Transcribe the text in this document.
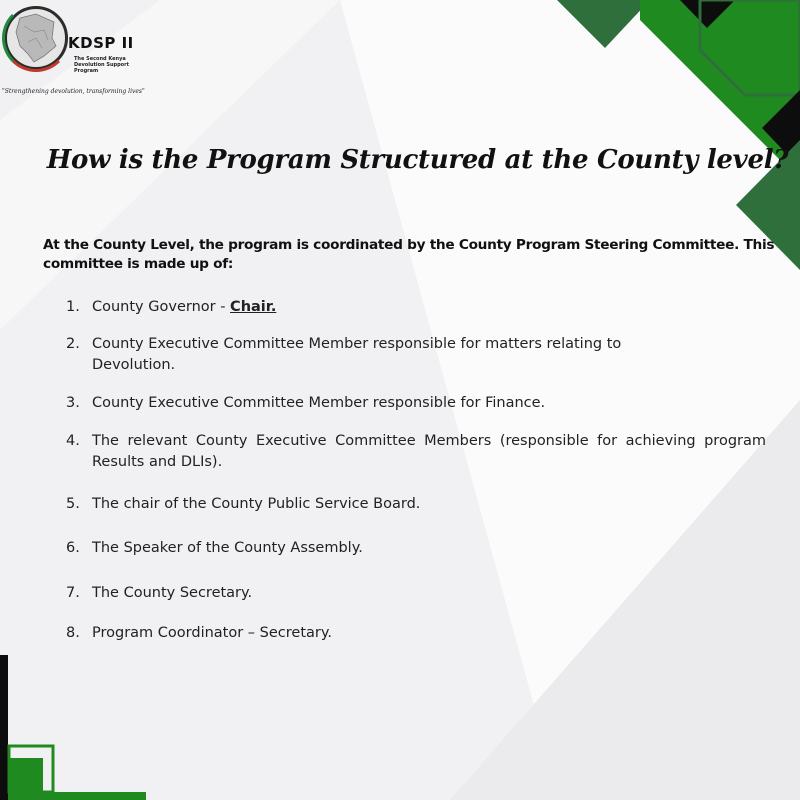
KDSP II
The Second Kenya Devolution Support Program
"Strengthening devolution, transforming lives"
How is the Program Structured at the County level?
At the County Level, the program is coordinated by the County Program Steering Committee. This committee is made up of:
1. County Governor - Chair.
2. County Executive Committee Member responsible for matters relating to Devolution.
3. County Executive Committee Member responsible for Finance.
4. The relevant County Executive Committee Members (responsible for achieving program Results and DLIs).
5. The chair of the County Public Service Board.
6. The Speaker of the County Assembly.
7. The County Secretary.
8. Program Coordinator – Secretary.
